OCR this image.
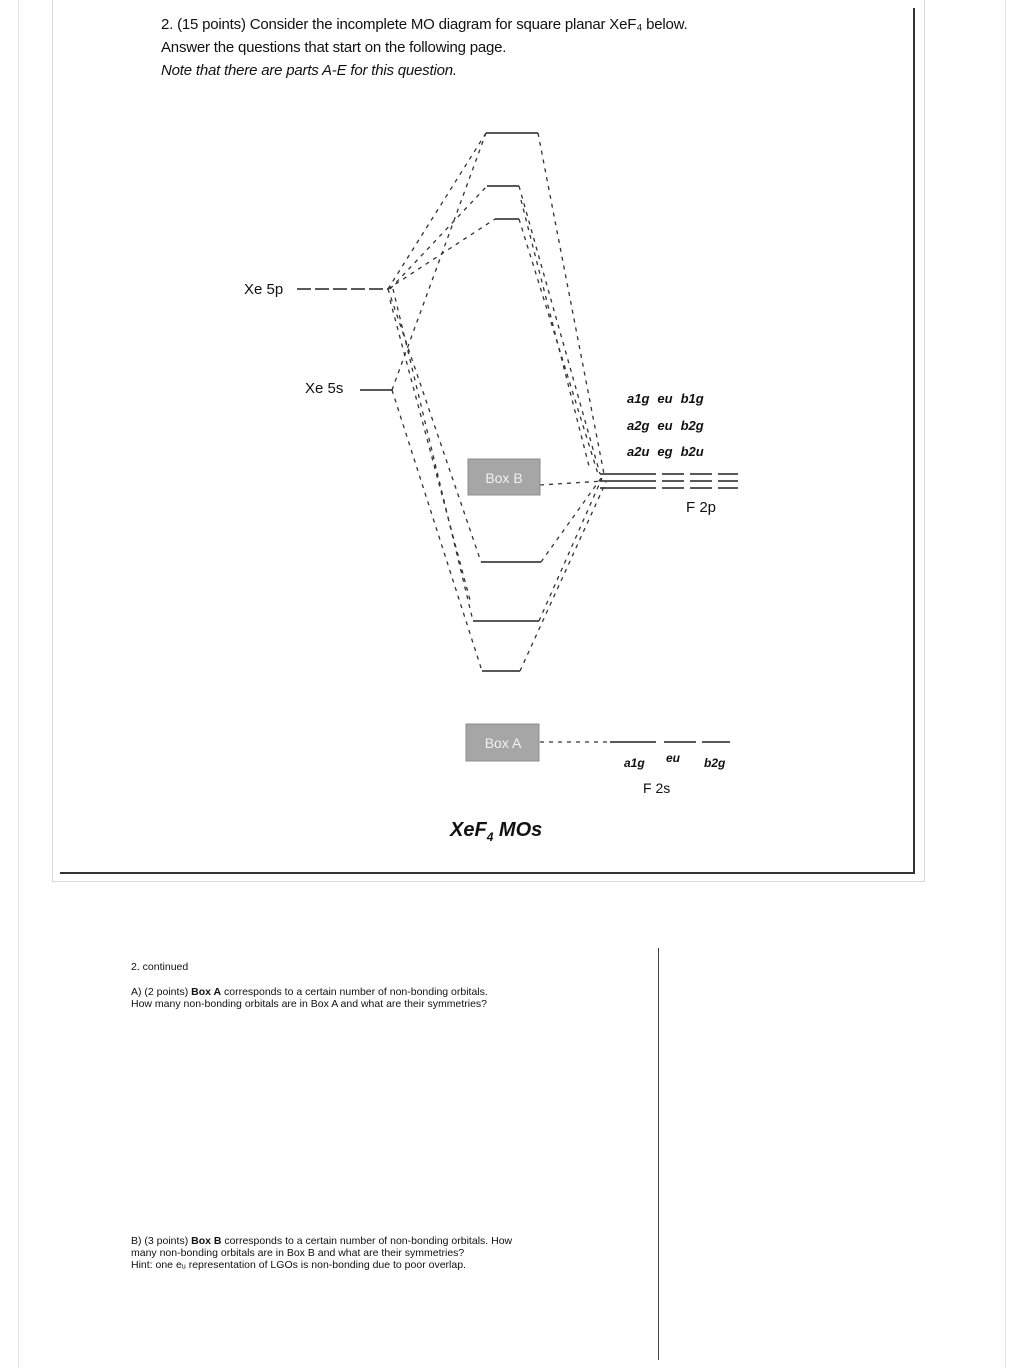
2. (15 points) Consider the incomplete MO diagram for square planar XeF₄ below.
Answer the questions that start on the following page.
Note that there are parts A-E for this question.
Box B
Box A
Xe 5p
Xe 5s
F 2p
F 2s
a1g eu b1g
a2g eu b2g
a2u eg b2u
a1g eu b2g
XeF$_4$ MOs
2. continued
A) (2 points) Box A corresponds to a certain number of non-bonding orbitals.
How many non-bonding orbitals are in Box A and what are their symmetries?
B) (3 points) Box B corresponds to a certain number of non-bonding orbitals. How
many non-bonding orbitals are in Box B and what are their symmetries?
Hint: one eᵤ representation of LGOs is non-bonding due to poor overlap.
